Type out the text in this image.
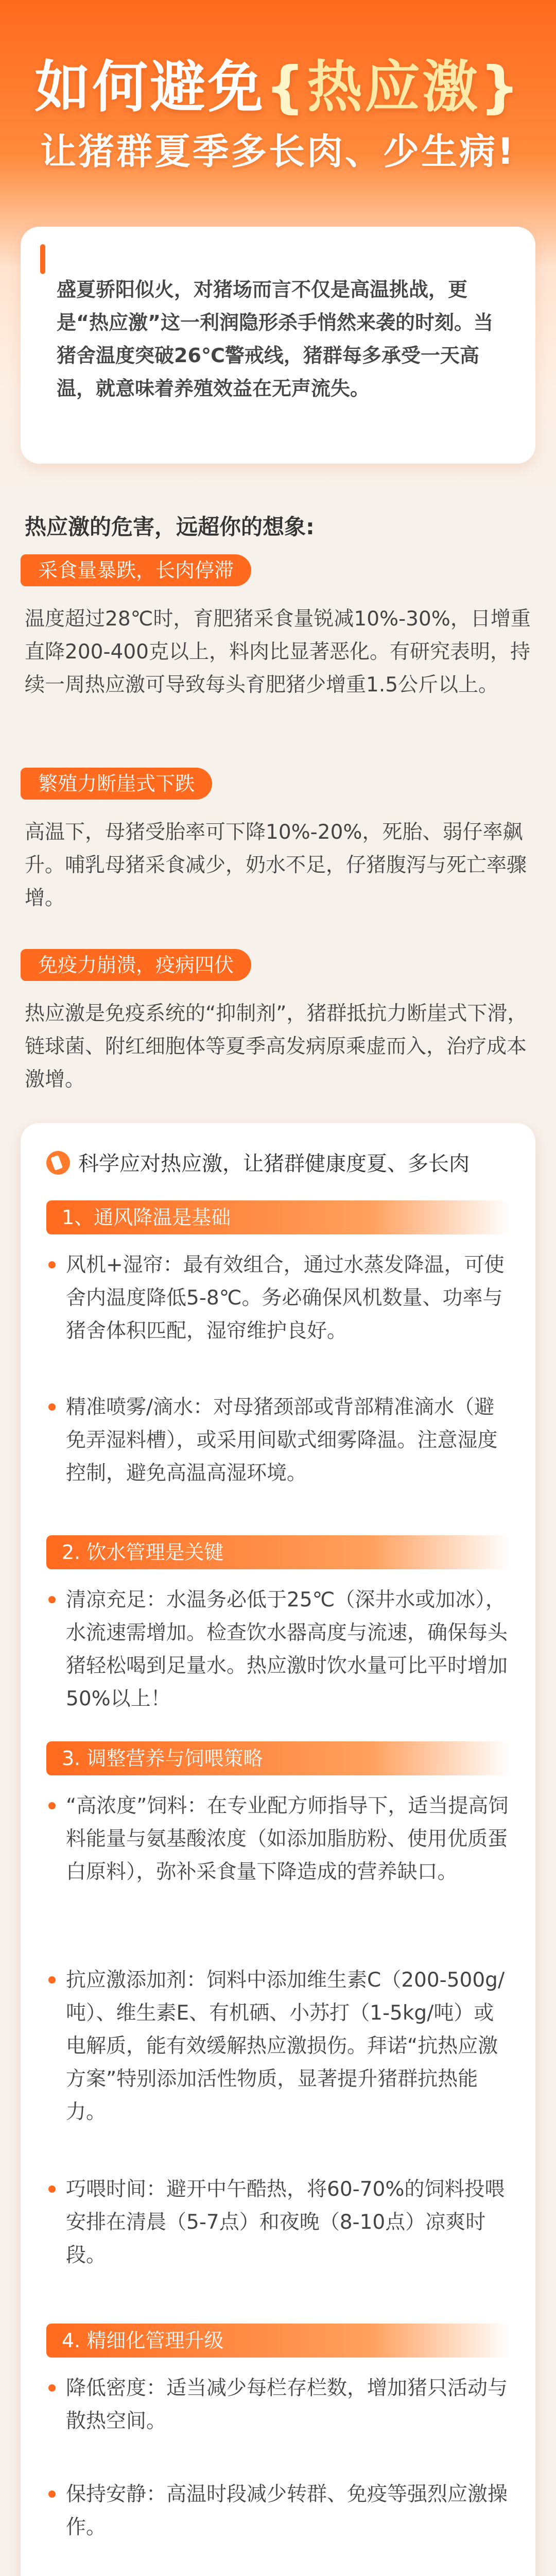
如何避免{热应激}
让猪群夏季多长肉、少生病!
盛夏骄阳似火，对猪场而言不仅是高温挑战，更是“热应激”这一利润隐形杀手悄然来袭的时刻。当猪舍温度突破26℃警戒线，猪群每多承受一天高温，就意味着养殖效益在无声流失。
热应激的危害，远超你的想象:
采食量暴跌，长肉停滞
温度超过28℃时，育肥猪采食量锐减10%-30%，日增重直降200-400克以上，料肉比显著恶化。有研究表明，持续一周热应激可导致每头育肥猪少增重1.5公斤以上。
繁殖力断崖式下跌
高温下，母猪受胎率可下降10%-20%，死胎、弱仔率飙升。哺乳母猪采食减少，奶水不足，仔猪腹泻与死亡率骤增。
免疫力崩溃，疫病四伏
热应激是免疫系统的“抑制剂”，猪群抵抗力断崖式下滑，链球菌、附红细胞体等夏季高发病原乘虚而入，治疗成本激增。
科学应对热应激，让猪群健康度夏、多长肉
1、通风降温是基础
风机+湿帘：最有效组合，通过水蒸发降温，可使舍内温度降低5-8℃。务必确保风机数量、功率与猪舍体积匹配，湿帘维护良好。
精准喷雾/滴水：对母猪颈部或背部精准滴水（避免弄湿料槽），或采用间歇式细雾降温。注意湿度控制，避免高温高湿环境。
2. 饮水管理是关键
清凉充足：水温务必低于25℃（深井水或加冰），水流速需增加。检查饮水器高度与流速，确保每头猪轻松喝到足量水。热应激时饮水量可比平时增加50%以上！
3. 调整营养与饲喂策略
“高浓度”饲料：在专业配方师指导下，适当提高饲料能量与氨基酸浓度（如添加脂肪粉、使用优质蛋白原料），弥补采食量下降造成的营养缺口。
抗应激添加剂：饲料中添加维生素C（200-500g/吨）、维生素E、有机硒、小苏打（1-5kg/吨）或电解质，能有效缓解热应激损伤。拜诺“抗热应激方案”特别添加活性物质，显著提升猪群抗热能力。
巧喂时间：避开中午酷热，将60-70%的饲料投喂安排在清晨（5-7点）和夜晚（8-10点）凉爽时段。
4. 精细化管理升级
降低密度：适当减少每栏存栏数，增加猪只活动与散热空间。
保持安静：高温时段减少转群、免疫等强烈应激操作。
